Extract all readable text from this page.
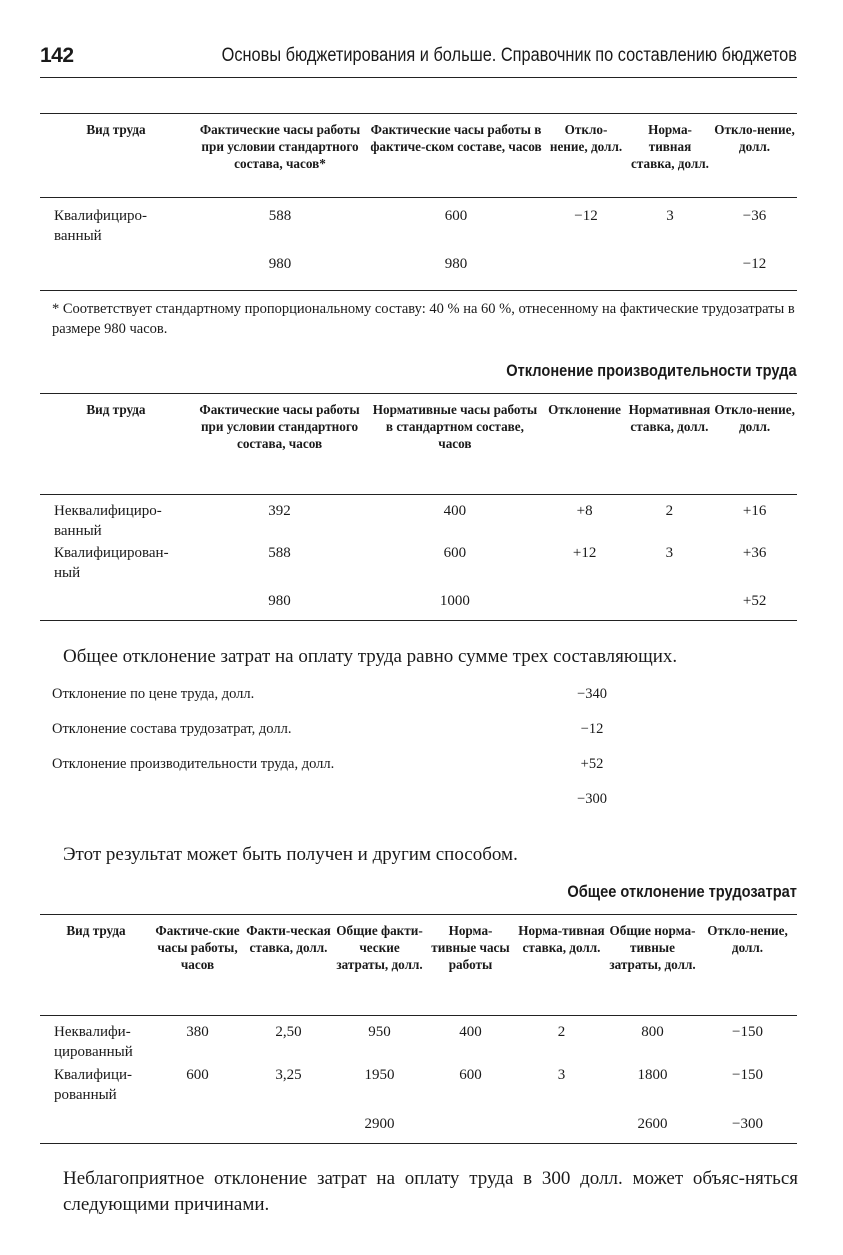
142	Основы бюджетирования и больше. Справочник по составлению бюджетов
Вид труда	Фактические часы работы при условии стандартного состава, часов*	Фактические часы работы в фактиче-ском составе, часов	Откло-нение, долл.	Норма-тивная ставка, долл.	Откло-нение, долл.
Квалифициро-ванный	588	600	−12	3	−36
	980	980			−12
* Соответствует стандартному пропорциональному составу: 40 % на 60 %, отнесенному на фактические трудозатраты в размере 980 часов.
Отклонение производительности труда
Вид труда	Фактические часы работы при условии стандартного состава, часов	Нормативные часы работы в стандартном составе, часов	Отклонение	Нормативная ставка, долл.	Откло-нение, долл.
Неквалифициро-ванный	392	400	+8	2	+16
Квалифицирован-ный	588	600	+12	3	+36
	980	1000			+52
Общее отклонение затрат на оплату труда равно сумме трех составляющих.
Отклонение по цене труда, долл.	−340
Отклонение состава трудозатрат, долл.	−12
Отклонение производительности труда, долл.	+52
−300
Этот результат может быть получен и другим способом.
Общее отклонение трудозатрат
Вид труда	Фактиче-ские часы работы, часов	Факти-ческая ставка, долл.	Общие факти-ческие затраты, долл.	Норма-тивные часы работы	Норма-тивная ставка, долл.	Общие норма-тивные затраты, долл.	Откло-нение, долл.
Неквалифи-цированный	380	2,50	950	400	2	800	−150
Квалифици-рованный	600	3,25	1950	600	3	1800	−150
			2900			2600	−300
Неблагоприятное отклонение затрат на оплату труда в 300 долл. может объяс-няться следующими причинами.
